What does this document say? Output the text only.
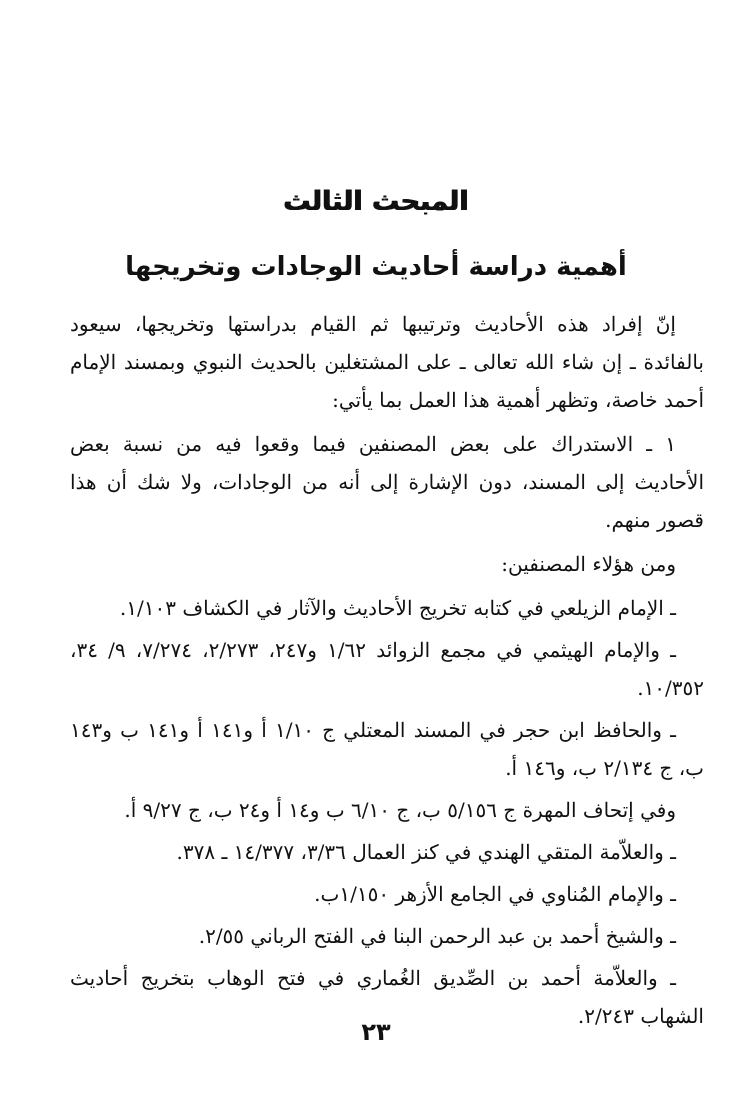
المبحث الثالث
أهمية دراسة أحاديث الوجادات وتخريجها

إنّ إفراد هذه الأحاديث وترتيبها ثم القيام بدراستها وتخريجها، سيعود بالفائدة ـ إن شاء الله تعالى ـ على المشتغلين بالحديث النبوي وبمسند الإمام أحمد خاصة، وتظهر أهمية هذا العمل بما يأتي:

١ ـ الاستدراك على بعض المصنفين فيما وقعوا فيه من نسبة بعض الأحاديث إلى المسند، دون الإشارة إلى أنه من الوجادات، ولا شك أن هذا قصور منهم.

ومن هؤلاء المصنفين:

ـ الإمام الزيلعي في كتابه تخريج الأحاديث والآثار في الكشاف ١/١٠٣.

ـ والإمام الهيثمي في مجمع الزوائد ١/٦٢ و٢٤٧، ٢/٢٧٣، ٧/٢٧٤، ٩/ ٣٤، ١٠/٣٥٢.

ـ والحافظ ابن حجر في المسند المعتلي ج ١/١٠ أ و١٤١ أ و١٤١ ب و١٤٣ ب، ج ٢/١٣٤ ب، و١٤٦ أ.

وفي إتحاف المهرة ج ٥/١٥٦ ب، ج ٦/١٠ ب و١٤ أ و٢٤ ب، ج ٩/٢٧ أ.

ـ والعلاّمة المتقي الهندي في كنز العمال ٣/٣٦، ١٤/٣٧٧ ـ ٣٧٨.

ـ والإمام المُناوي في الجامع الأزهر ١/١٥٠ب.

ـ والشيخ أحمد بن عبد الرحمن البنا في الفتح الرباني ٢/٥٥.

ـ والعلاّمة أحمد بن الصِّديق الغُماري في فتح الوهاب بتخريج أحاديث الشهاب ٢/٢٤٣.

٢٣
